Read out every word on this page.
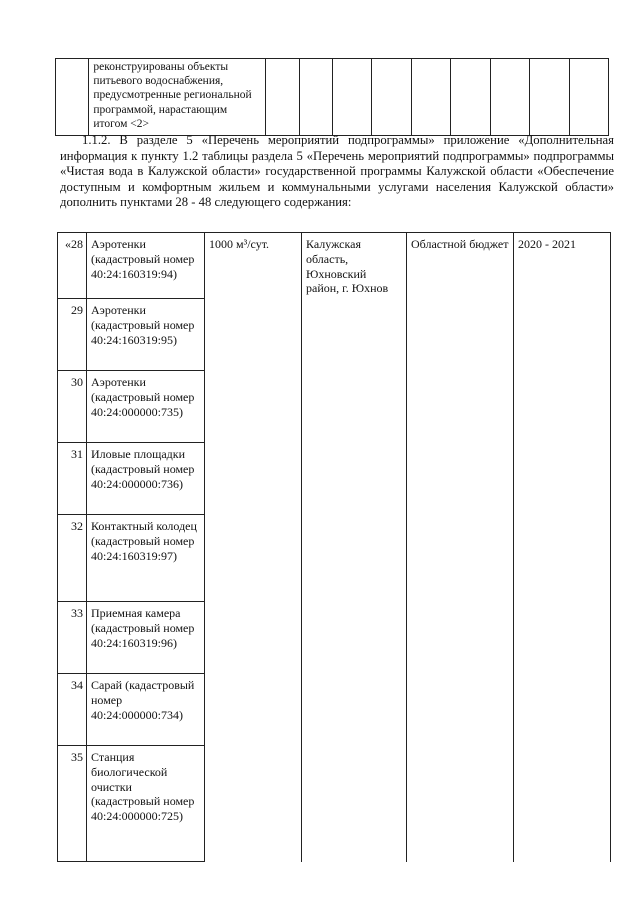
	реконструированы объекты питьевого водоснабжения, предусмотренные региональной программой, нарастающим итогом <2>									
1.1.2. В разделе 5 «Перечень мероприятий подпрограммы» приложение «Дополнительная информация к пункту 1.2 таблицы раздела 5 «Перечень мероприятий подпрограммы» подпрограммы «Чистая вода в Калужской области» государственной программы Калужской области «Обеспечение доступным и комфортным жильем и коммунальными услугами населения Калужской области» дополнить пунктами 28 - 48 следующего содержания:
«28	Аэротенки (кадастровый номер 40:24:160319:94)	1000 м³/сут.	Калужская область, Юхновский район, г. Юхнов	Областной бюджет	2020 - 2021
29	Аэротенки (кадастровый номер 40:24:160319:95)				
30	Аэротенки (кадастровый номер 40:24:000000:735)				
31	Иловые площадки (кадастровый номер 40:24:000000:736)				
32	Контактный колодец (кадастровый номер 40:24:160319:97)				
33	Приемная камера (кадастровый номер 40:24:160319:96)				
34	Сарай (кадастровый номер 40:24:000000:734)				
35	Станция биологической очистки (кадастровый номер 40:24:000000:725)				
